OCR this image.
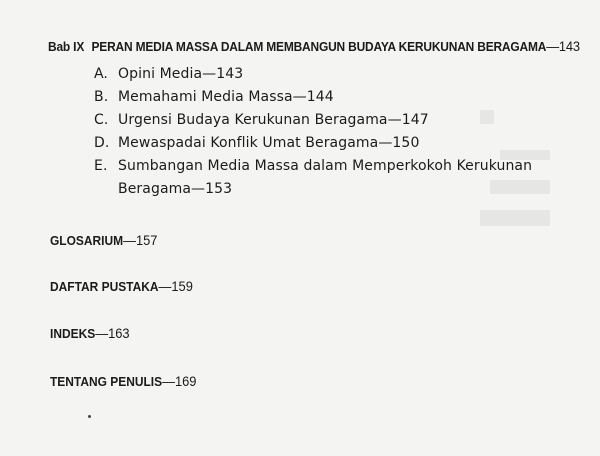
Bab IX PERAN MEDIA MASSA DALAM MEMBANGUN BUDAYA KERUKUNAN BERAGAMA—143
A. Opini Media—143
B. Memahami Media Massa—144
C. Urgensi Budaya Kerukunan Beragama—147
D. Mewaspadai Konflik Umat Beragama—150
E. Sumbangan Media Massa dalam Memperkokoh Kerukunan
Beragama—153
GLOSARIUM—157
DAFTAR PUSTAKA—159
INDEKS—163
TENTANG PENULIS—169
